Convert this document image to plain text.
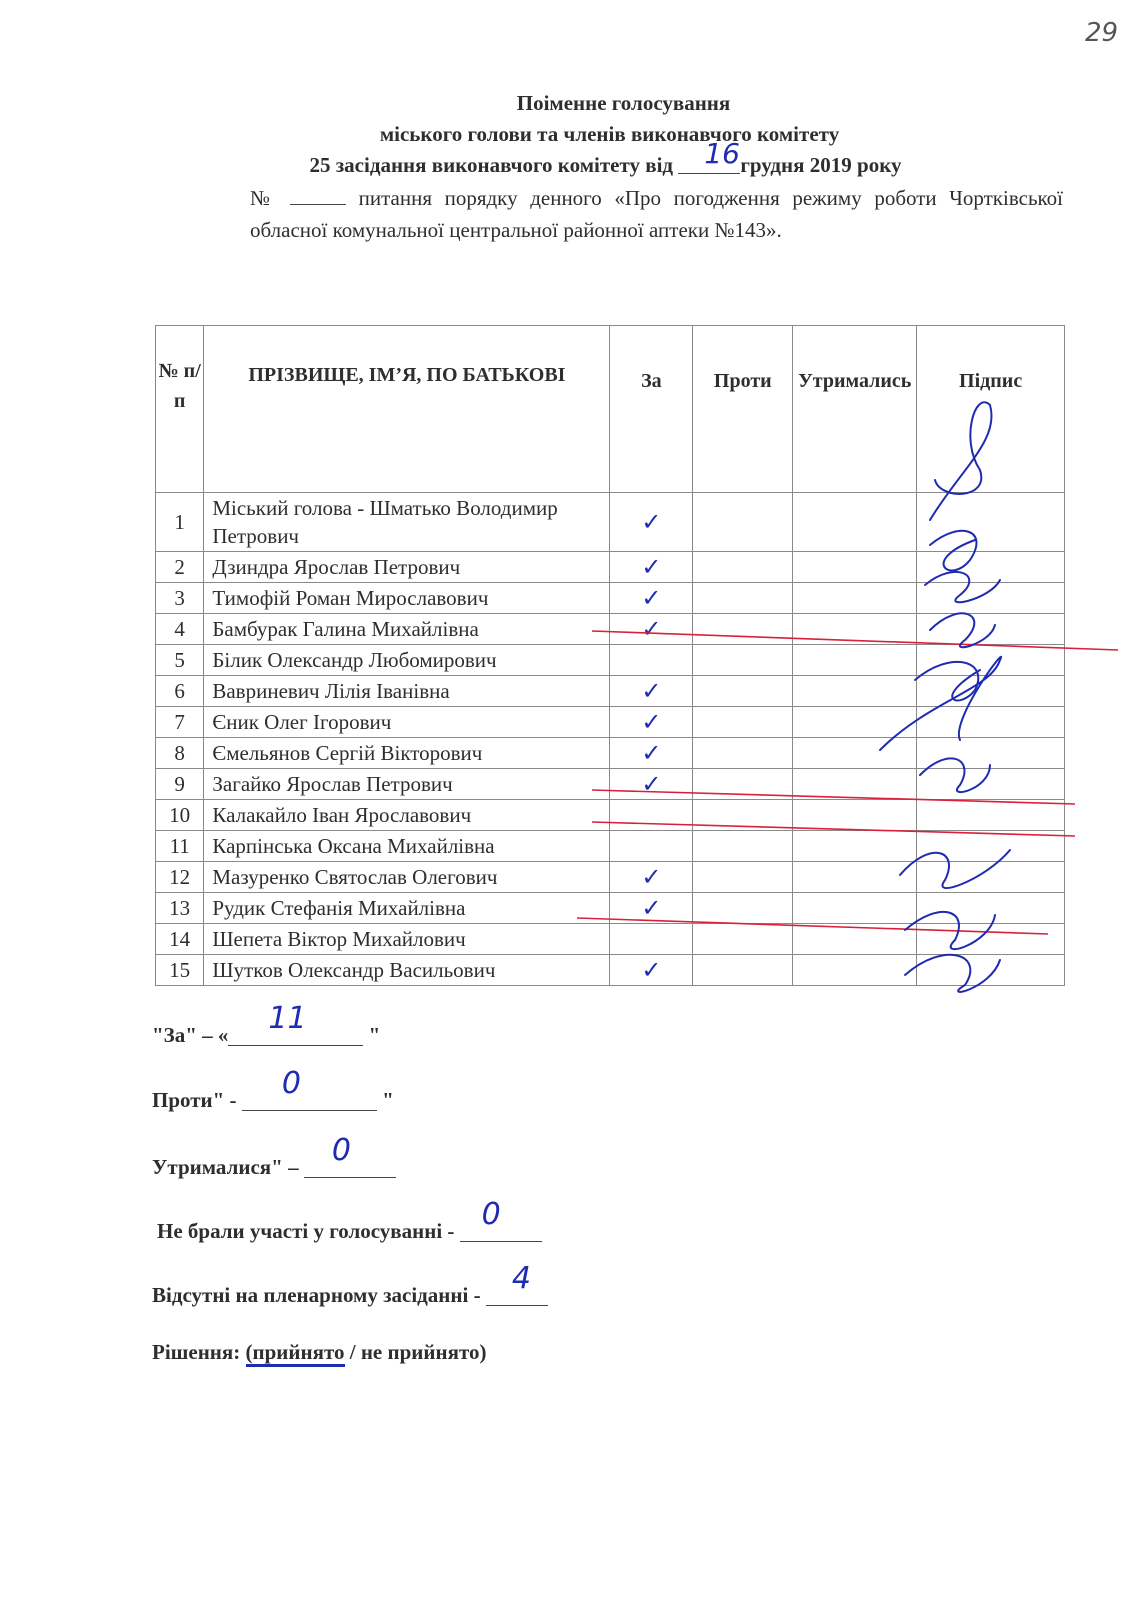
29
Поіменне голосування
міського голови та членів виконавчого комітету
25 засідання виконавчого комітету від 16 грудня 2019 року
№	питання порядку денного «Про погодження режиму роботи Чортківської обласної комунальної центральної районної аптеки №143».
№ п/п	ПРІЗВИЩЕ, ІМ’Я, ПО БАТЬКОВІ	За	Проти	Утримались	Підпис
1	Міський голова - Шматько Володимир Петрович	✓			
2	Дзиндра Ярослав Петрович	✓			
3	Тимофій Роман Мирославович	✓			
4	Бамбурак Галина Михайлівна	✓			
5	Білик Олександр Любомирович				
6	Вавриневич Лілія Іванівна	✓			
7	Єник Олег Ігорович	✓			
8	Ємельянов Сергій Вікторович	✓			
9	Загайко Ярослав Петрович	✓			
10	Калакайло Іван Ярославович				
11	Карпінська Оксана Михайлівна				
12	Мазуренко Святослав Олегович	✓			
13	Рудик Стефанія Михайлівна	✓			
14	Шепета Віктор Михайлович				
15	Шутков Олександр Васильович	✓			
"За" – « 11	"
Проти" - 0	"
Утрималися" – 0
Не брали участі у голосуванні - 0
Відсутні на пленарному засіданні - 4
Рішення: (прийнято / не прийнято)
